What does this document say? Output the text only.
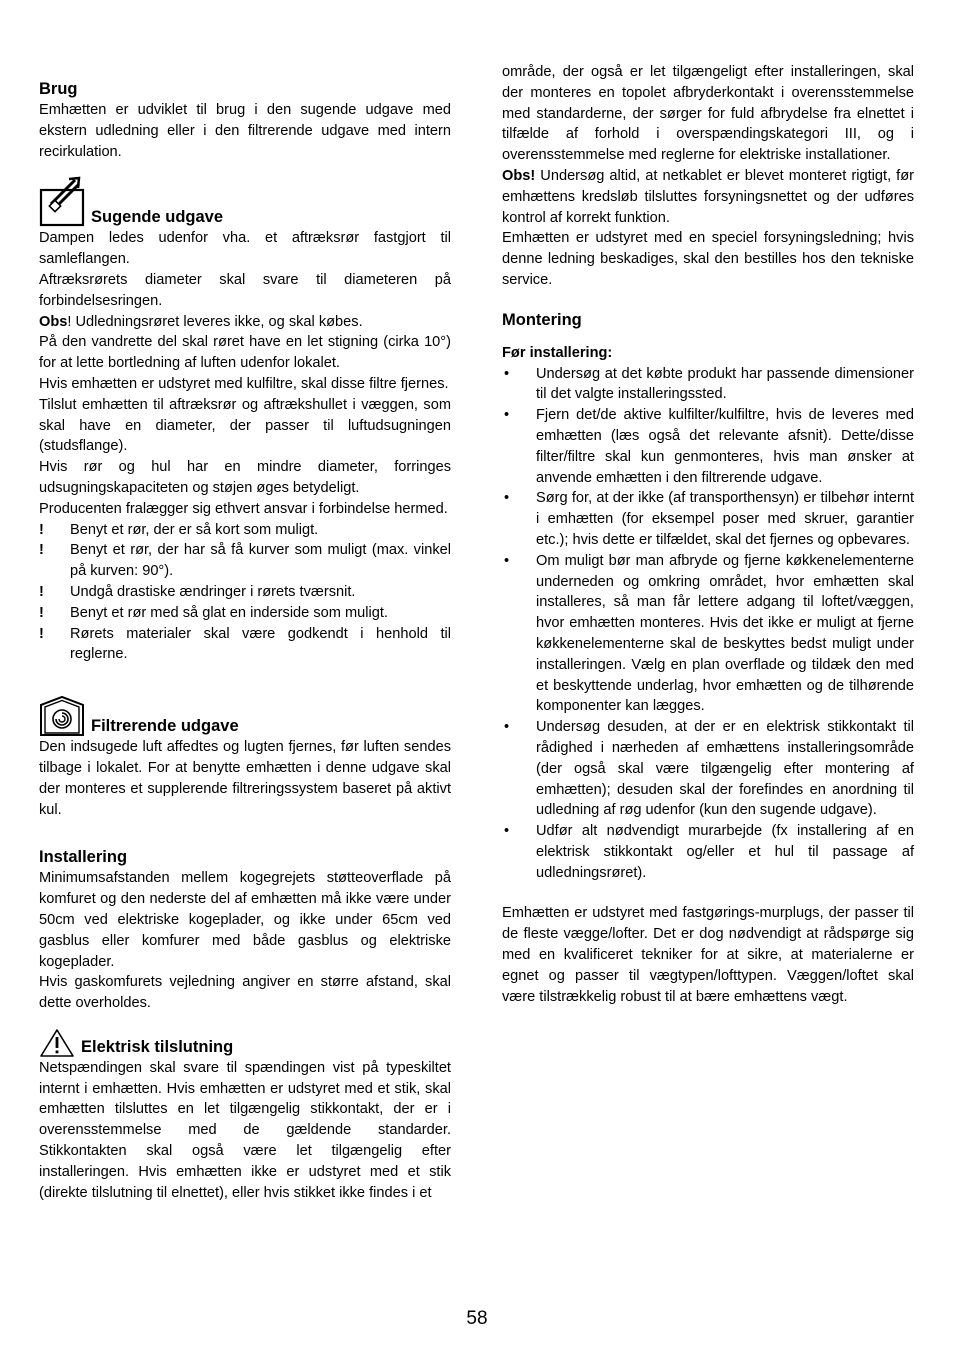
Brug

Emhætten er udviklet til brug i den sugende udgave med ekstern udledning eller i den filtrerende udgave med intern recirkulation.

Sugende udgave

Dampen ledes udenfor vha. et aftræksrør fastgjort til samleflangen.

Aftræksrørets diameter skal svare til diameteren på forbindelsesringen.

Obs! Udledningsrøret leveres ikke, og skal købes.

På den vandrette del skal røret have en let stigning (cirka 10°) for at lette bortledning af luften udenfor lokalet.

Hvis emhætten er udstyret med kulfiltre, skal disse filtre fjernes.

Tilslut emhætten til aftræksrør og aftrækshullet i væggen, som skal have en diameter, der passer til luftudsugningen (studsflange).

Hvis rør og hul har en mindre diameter, forringes udsugningskapaciteten og støjen øges betydeligt.

Producenten fralægger sig ethvert ansvar i forbindelse hermed.

!	Benyt et rør, der er så kort som muligt.
!	Benyt et rør, der har så få kurver som muligt (max. vinkel på kurven: 90°).
!	Undgå drastiske ændringer i rørets tværsnit.
!	Benyt et rør med så glat en inderside som muligt.
!	Rørets materialer skal være godkendt i henhold til reglerne.
Filtrerende udgave

Den indsugede luft affedtes og lugten fjernes, før luften sendes tilbage i lokalet. For at benytte emhætten i denne udgave skal der monteres et supplerende filtreringssystem baseret på aktivt kul.

Installering

Minimumsafstanden mellem kogegrejets støtteoverflade på komfuret og den nederste del af emhætten må ikke være under 50cm ved elektriske kogeplader, og ikke under 65cm ved gasblus eller komfurer med både gasblus og elektriske kogeplader.

Hvis gaskomfurets vejledning angiver en større afstand, skal dette overholdes.

Elektrisk tilslutning

Netspændingen skal svare til spændingen vist på typeskiltet internt i emhætten. Hvis emhætten er udstyret med et stik, skal emhætten tilsluttes en let tilgængelig stikkontakt, der er i overensstemmelse med de gældende standarder. Stikkontakten skal også være let tilgængelig efter installeringen. Hvis emhætten ikke er udstyret med et stik (direkte tilslutning til elnettet), eller hvis stikket ikke findes i et

område, der også er let tilgængeligt efter installeringen, skal der monteres en topolet afbryderkontakt i overensstemmelse med standarderne, der sørger for fuld afbrydelse fra elnettet i tilfælde af forhold i overspændingskategori III, og i overensstemmelse med reglerne for elektriske installationer.

Obs! Undersøg altid, at netkablet er blevet monteret rigtigt, før emhættens kredsløb tilsluttes forsyningsnettet og der udføres kontrol af korrekt funktion.

Emhætten er udstyret med en speciel forsyningsledning; hvis denne ledning beskadiges, skal den bestilles hos den tekniske service.

Montering
Før installering:
•	Undersøg at det købte produkt har passende dimensioner til det valgte installeringssted.
•	Fjern det/de aktive kulfilter/kulfiltre, hvis de leveres med emhætten (læs også det relevante afsnit). Dette/disse filter/filtre skal kun genmonteres, hvis man ønsker at anvende emhætten i den filtrerende udgave.
•	Sørg for, at der ikke (af transporthensyn) er tilbehør internt i emhætten (for eksempel poser med skruer, garantier etc.); hvis dette er tilfældet, skal det fjernes og opbevares.
•	Om muligt bør man afbryde og fjerne køkkenelementerne underneden og omkring området, hvor emhætten skal installeres, så man får lettere adgang til loftet/væggen, hvor emhætten monteres. Hvis det ikke er muligt at fjerne køkkenelementerne skal de beskyttes bedst muligt under installeringen. Vælg en plan overflade og tildæk den med et beskyttende underlag, hvor emhætten og de tilhørende komponenter kan lægges.
•	Undersøg desuden, at der er en elektrisk stikkontakt til rådighed i nærheden af emhættens installeringsområde (der også skal være tilgængelig efter montering af emhætten); desuden skal der forefindes en anordning til udledning af røg udenfor (kun den sugende udgave).
•	Udfør alt nødvendigt murarbejde (fx installering af en elektrisk stikkontakt og/eller et hul til passage af udledningsrøret).

Emhætten er udstyret med fastgørings-murplugs, der passer til de fleste vægge/lofter. Det er dog nødvendigt at rådspørge sig med en kvalificeret tekniker for at sikre, at materialerne er egnet og passer til vægtypen/lofttypen. Væggen/loftet skal være tilstrækkelig robust til at bære emhættens vægt.

58
